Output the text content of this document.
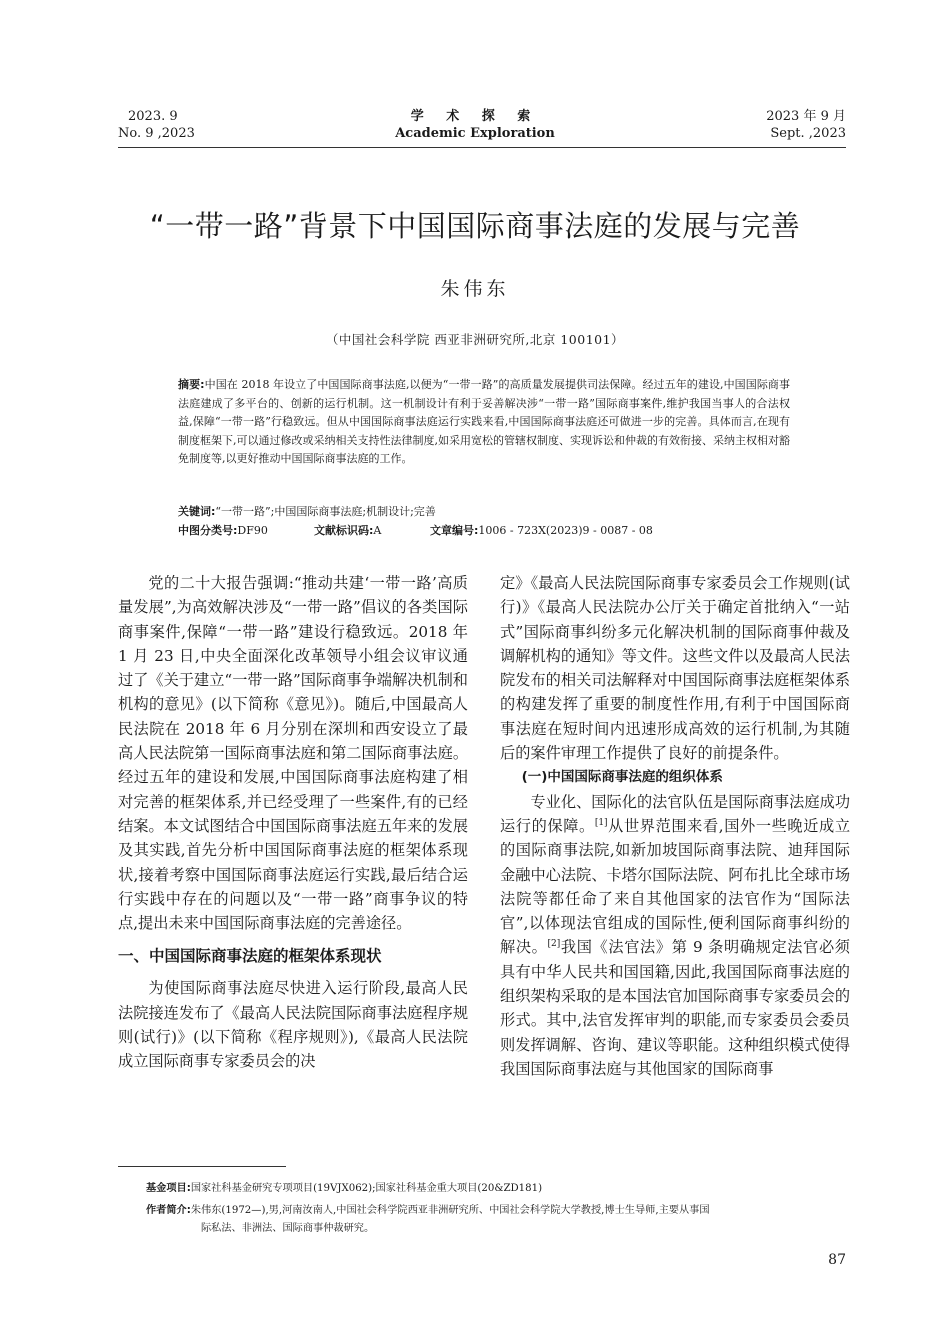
2023. 9
No. 9 ,2023
学 术 探 索
Academic Exploration
2023 年 9 月
Sept. ,2023
“一带一路”背景下中国国际商事法庭的发展与完善
朱伟东
（中国社会科学院 西亚非洲研究所,北京 100101）
摘要:中国在 2018 年设立了中国国际商事法庭,以便为“一带一路”的高质量发展提供司法保障。经过五年的建设,中国国际商事法庭建成了多平台的、创新的运行机制。这一机制设计有利于妥善解决涉“一带一路”国际商事案件,维护我国当事人的合法权益,保障“一带一路”行稳致远。但从中国国际商事法庭运行实践来看,中国国际商事法庭还可做进一步的完善。具体而言,在现有制度框架下,可以通过修改或采纳相关支持性法律制度,如采用宽松的管辖权制度、实现诉讼和仲裁的有效衔接、采纳主权相对豁免制度等,以更好推动中国国际商事法庭的工作。
关键词:“一带一路”;中国国际商事法庭;机制设计;完善
中图分类号:DF90	文献标识码:A	文章编号:1006 - 723X(2023)9 - 0087 - 08

党的二十大报告强调:“推动共建‘一带一路’高质量发展”,为高效解决涉及“一带一路”倡议的各类国际商事案件,保障“一带一路”建设行稳致远。2018 年 1 月 23 日,中央全面深化改革领导小组会议审议通过了《关于建立“一带一路”国际商事争端解决机制和机构的意见》(以下简称《意见》)。随后,中国最高人民法院在 2018 年 6 月分别在深圳和西安设立了最高人民法院第一国际商事法庭和第二国际商事法庭。经过五年的建设和发展,中国国际商事法庭构建了相对完善的框架体系,并已经受理了一些案件,有的已经结案。本文试图结合中国国际商事法庭五年来的发展及其实践,首先分析中国国际商事法庭的框架体系现状,接着考察中国国际商事法庭运行实践,最后结合运行实践中存在的问题以及“一带一路”商事争议的特点,提出未来中国国际商事法庭的完善途径。

一、中国国际商事法庭的框架体系现状

为使国际商事法庭尽快进入运行阶段,最高人民法院接连发布了《最高人民法院国际商事法庭程序规则(试行)》(以下简称《程序规则》),《最高人民法院成立国际商事专家委员会的决

定》《最高人民法院国际商事专家委员会工作规则(试行)》《最高人民法院办公厅关于确定首批纳入“一站式”国际商事纠纷多元化解决机制的国际商事仲裁及调解机构的通知》等文件。这些文件以及最高人民法院发布的相关司法解释对中国国际商事法庭框架体系的构建发挥了重要的制度性作用,有利于中国国际商事法庭在短时间内迅速形成高效的运行机制,为其随后的案件审理工作提供了良好的前提条件。

(一)中国国际商事法庭的组织体系

专业化、国际化的法官队伍是国际商事法庭成功运行的保障。[1]从世界范围来看,国外一些晚近成立的国际商事法院,如新加坡国际商事法院、迪拜国际金融中心法院、卡塔尔国际法院、阿布扎比全球市场法院等都任命了来自其他国家的法官作为“国际法官”,以体现法官组成的国际性,便利国际商事纠纷的解决。[2]我国《法官法》第 9 条明确规定法官必须具有中华人民共和国国籍,因此,我国国际商事法庭的组织架构采取的是本国法官加国际商事专家委员会的形式。其中,法官发挥审判的职能,而专家委员会委员则发挥调解、咨询、建议等职能。这种组织模式使得我国国际商事法庭与其他国家的国际商事

基金项目:国家社科基金研究专项项目(19VJX062);国家社科基金重大项目(20&ZD181)
作者简介:朱伟东(1972—),男,河南汝南人,中国社会科学院西亚非洲研究所、中国社会科学院大学教授,博士生导师,主要从事国
际私法、非洲法、国际商事仲裁研究。
87
